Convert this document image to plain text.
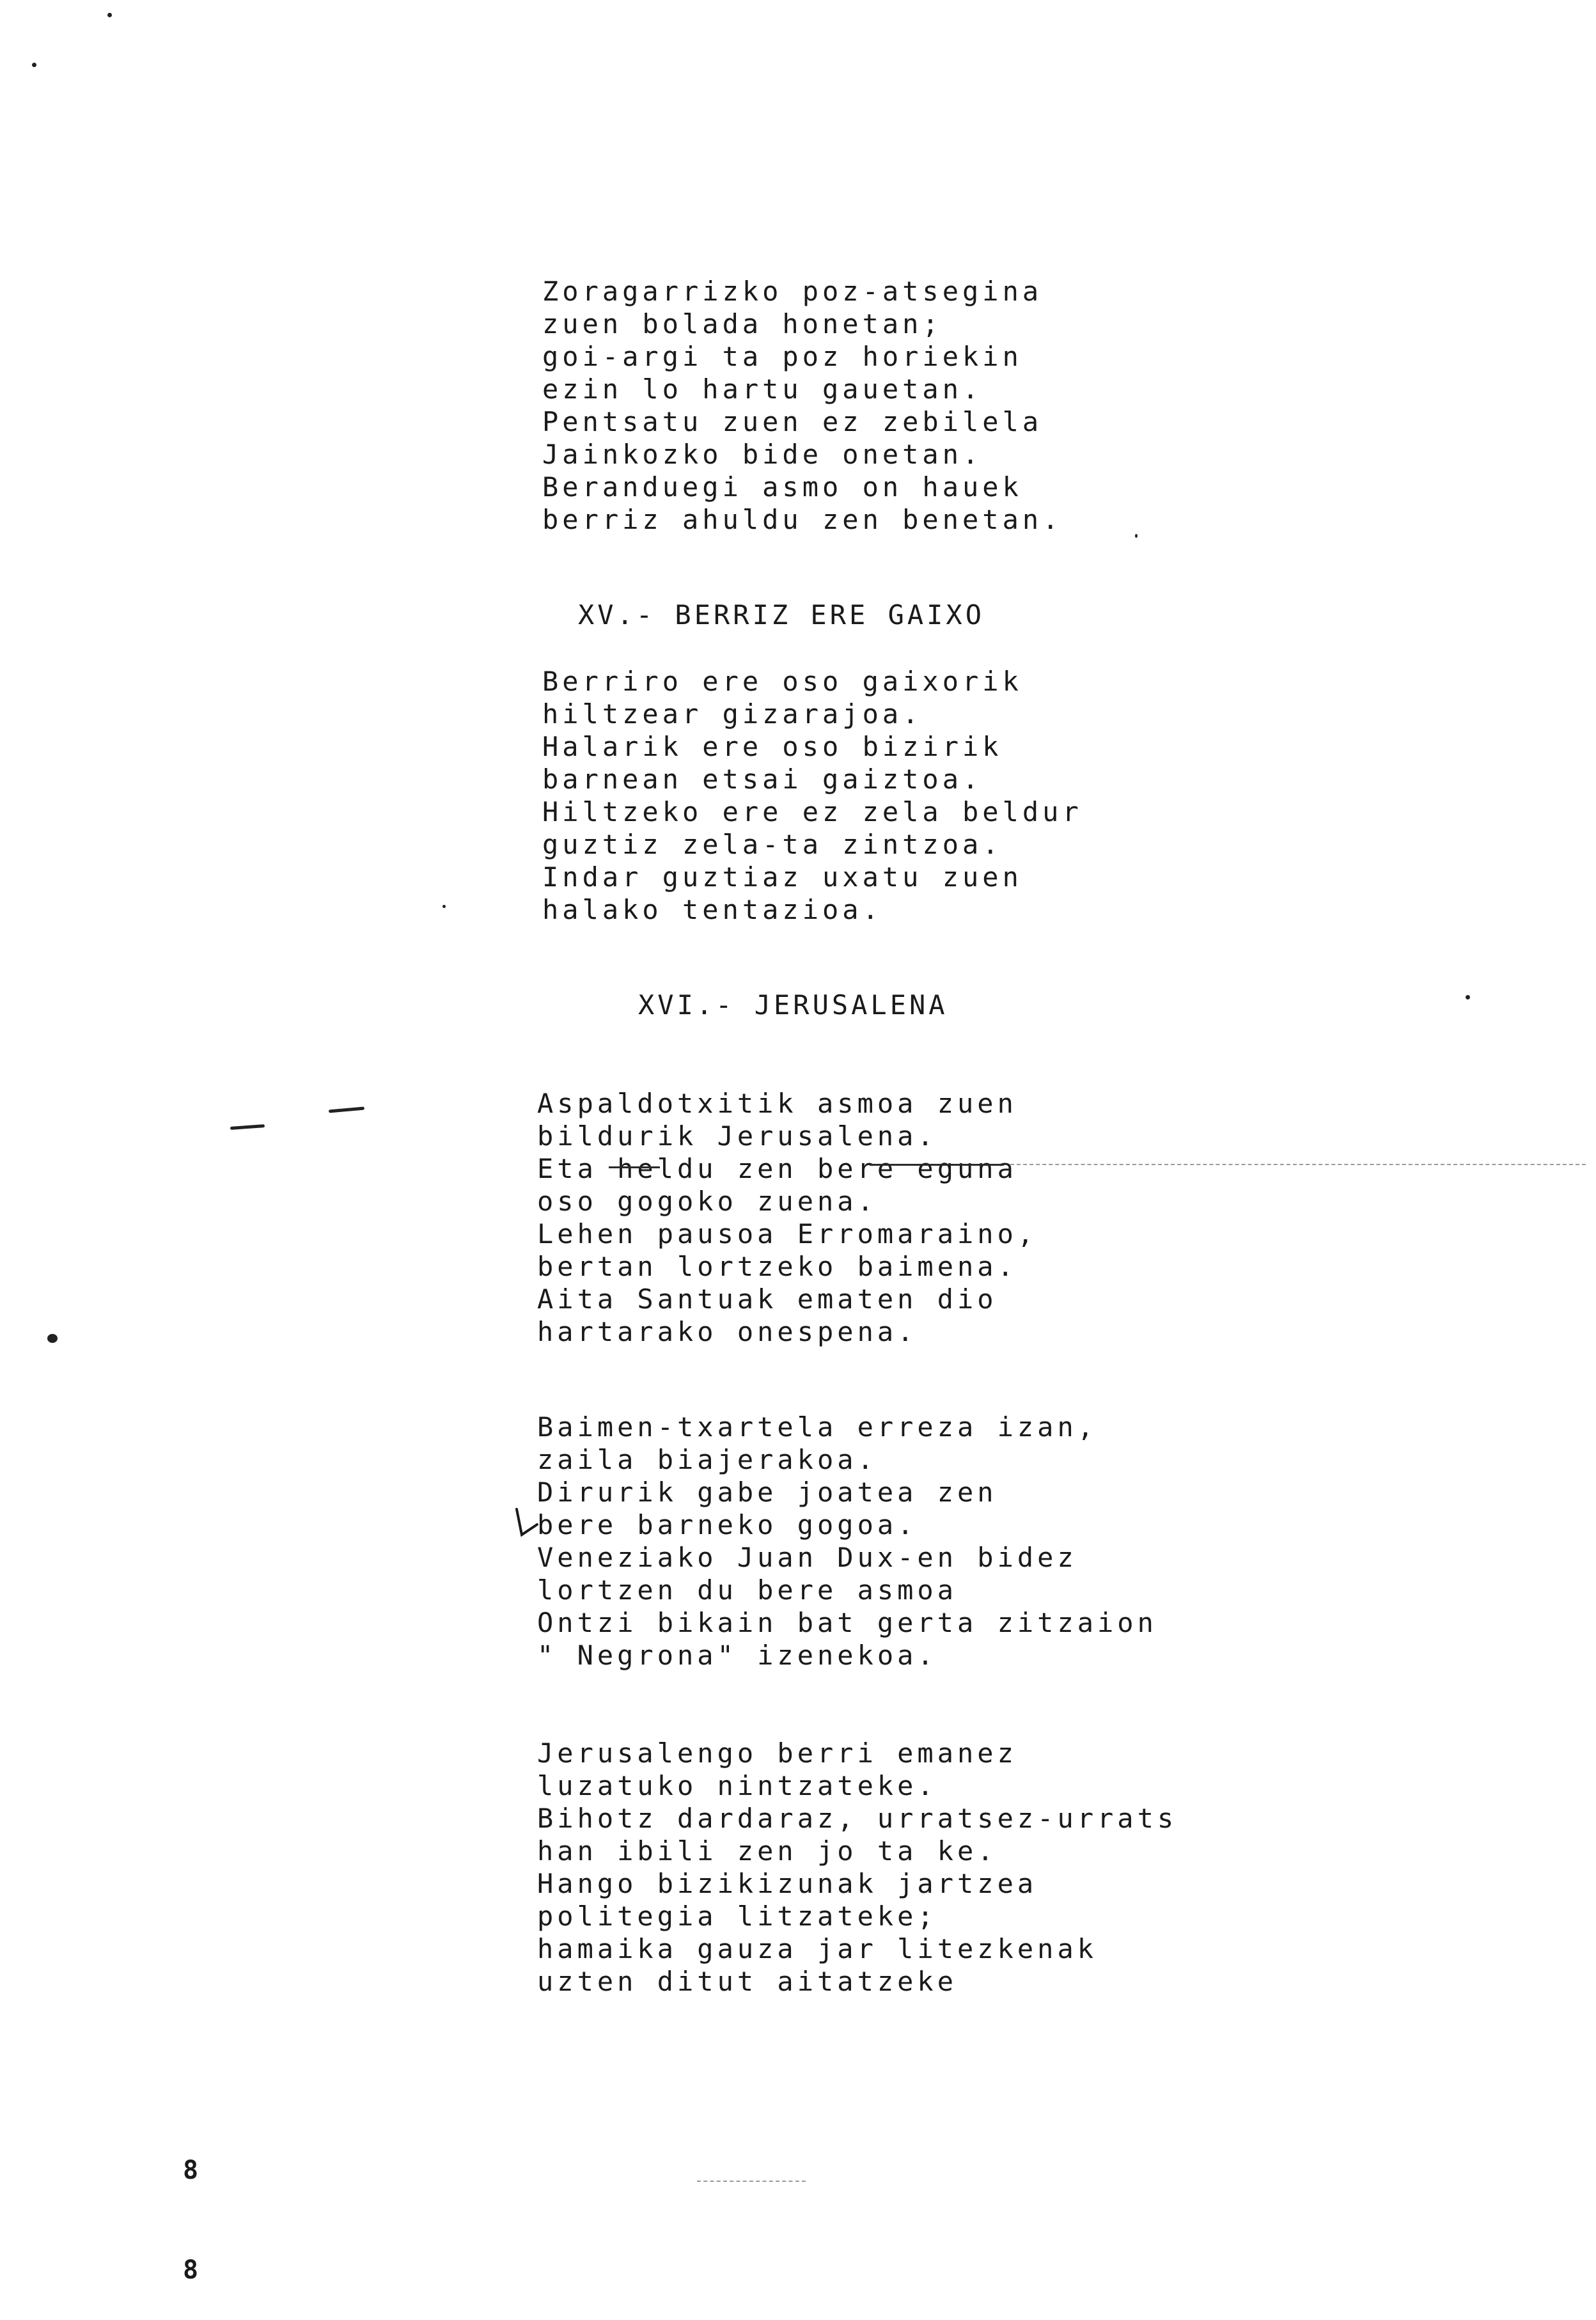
Zoragarrizko poz-atsegina
zuen bolada honetan;
goi-argi ta poz horiekin
ezin lo hartu gauetan.
Pentsatu zuen ez zebilela
Jainkozko bide onetan.
Beranduegi asmo on hauek
berriz ahuldu zen benetan.

XV.- BERRIZ ERE GAIXO

Berriro ere oso gaixorik
hiltzear gizarajoa.
Halarik ere oso bizirik
barnean etsai gaiztoa.
Hiltzeko ere ez zela beldur
guztiz zela-ta zintzoa.
Indar guztiaz uxatu zuen
halako tentazioa.

XVI.- JERUSALENA

Aspaldotxitik asmoa zuen
bildurik Jerusalena.
Eta heldu zen bere eguna
oso gogoko zuena.
Lehen pausoa Erromaraino,
bertan lortzeko baimena.
Aita Santuak ematen dio
hartarako onespena.
Baimen-txartela erreza izan,
zaila biajerakoa.
Dirurik gabe joatea zen
bere barneko gogoa.
Veneziako Juan Dux-en bidez
lortzen du bere asmoa
Ontzi bikain bat gerta zitzaion
" Negrona" izenekoa.
Jerusalengo berri emanez
luzatuko nintzateke.
Bihotz dardaraz, urratsez-urrats
han ibili zen jo ta ke.
Hango bizikizunak jartzea
politegia litzateke;
hamaika gauza jar litezkenak
uzten ditut aitatzeke

8

8
